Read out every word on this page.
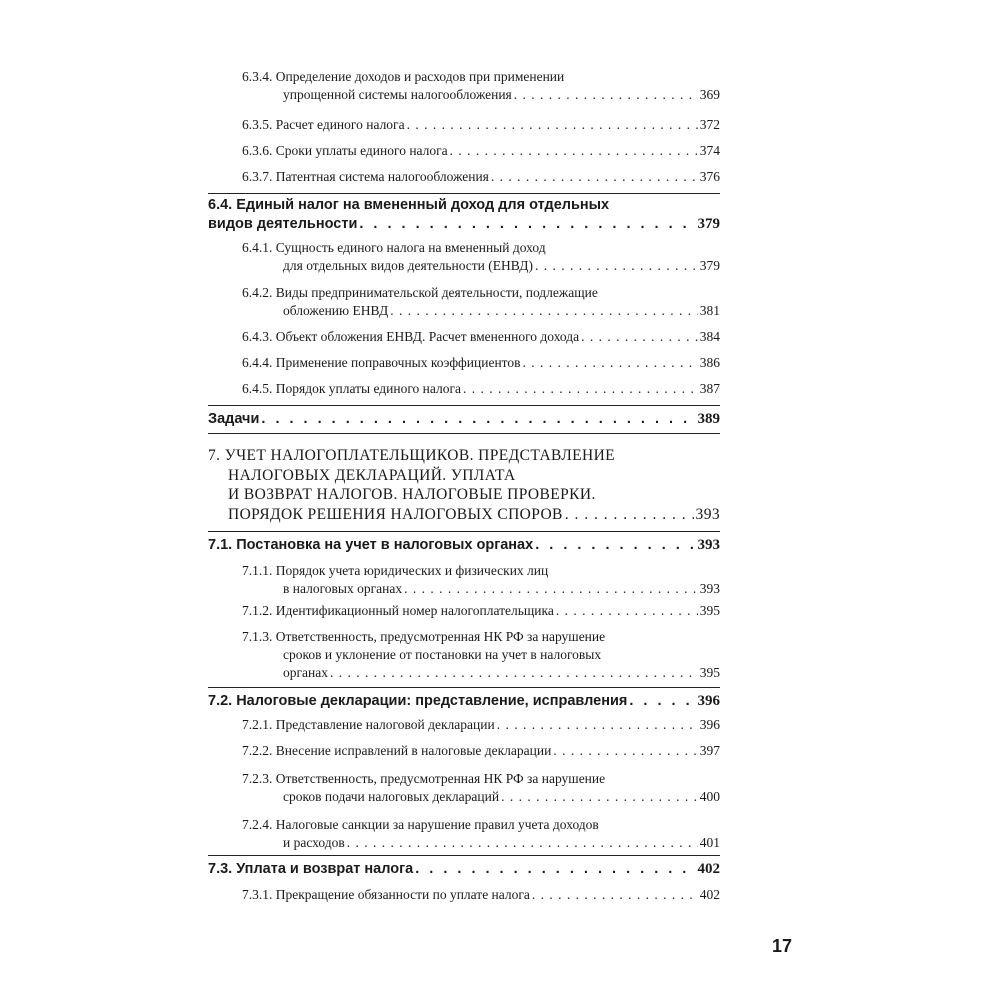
6.3.4. Определение доходов и расходов при применении
упрощенной системы налогообложения . . .	369
6.3.5. Расчет единого налога . . .	372
6.3.6. Сроки уплаты единого налога . . .	374
6.3.7. Патентная система налогообложения . . .	376
6.4. Единый налог на вмененный доход для отдельных
видов деятельности . . .	379
6.4.1. Сущность единого налога на вмененный доход
для отдельных видов деятельности (ЕНВД) . . .	379
6.4.2. Виды предпринимательской деятельности, подлежащие
обложению ЕНВД . . .	381
6.4.3. Объект обложения ЕНВД. Расчет вмененного дохода . . .	384
6.4.4. Применение поправочных коэффициентов . . .	386
6.4.5. Порядок уплаты единого налога . . .	387
Задачи . . .	389
7. УЧЕТ НАЛОГОПЛАТЕЛЬЩИКОВ. ПРЕДСТАВЛЕНИЕ
НАЛОГОВЫХ ДЕКЛАРАЦИЙ. УПЛАТА
И ВОЗВРАТ НАЛОГОВ. НАЛОГОВЫЕ ПРОВЕРКИ.
ПОРЯДОК РЕШЕНИЯ НАЛОГОВЫХ СПОРОВ . . .	393
7.1. Постановка на учет в налоговых органах . . .	393
7.1.1. Порядок учета юридических и физических лиц
в налоговых органах . . .	393
7.1.2. Идентификационный номер налогоплательщика . . .	395
7.1.3. Ответственность, предусмотренная НК РФ за нарушение
сроков и уклонение от постановки на учет в налоговых
органах . . .	395
7.2. Налоговые декларации: представление, исправления . . .	396
7.2.1. Представление налоговой декларации . . .	396
7.2.2. Внесение исправлений в налоговые декларации . . .	397
7.2.3. Ответственность, предусмотренная НК РФ за нарушение
сроков подачи налоговых деклараций . . .	400
7.2.4. Налоговые санкции за нарушение правил учета доходов
и расходов . . .	401
7.3. Уплата и возврат налога . . .	402
7.3.1. Прекращение обязанности по уплате налога . . .	402
17
